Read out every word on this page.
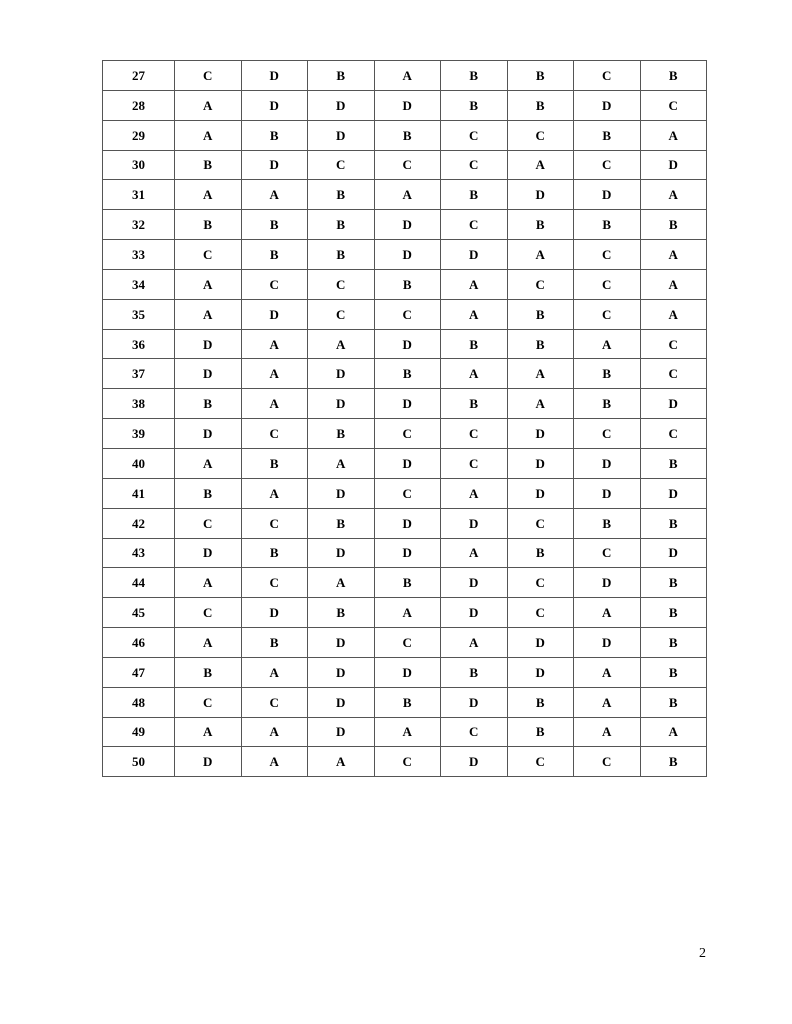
27	C	D	B	A	B	B	C	B
28	A	D	D	D	B	B	D	C
29	A	B	D	B	C	C	B	A
30	B	D	C	C	C	A	C	D
31	A	A	B	A	B	D	D	A
32	B	B	B	D	C	B	B	B
33	C	B	B	D	D	A	C	A
34	A	C	C	B	A	C	C	A
35	A	D	C	C	A	B	C	A
36	D	A	A	D	B	B	A	C
37	D	A	D	B	A	A	B	C
38	B	A	D	D	B	A	B	D
39	D	C	B	C	C	D	C	C
40	A	B	A	D	C	D	D	B
41	B	A	D	C	A	D	D	D
42	C	C	B	D	D	C	B	B
43	D	B	D	D	A	B	C	D
44	A	C	A	B	D	C	D	B
45	C	D	B	A	D	C	A	B
46	A	B	D	C	A	D	D	B
47	B	A	D	D	B	D	A	B
48	C	C	D	B	D	B	A	B
49	A	A	D	A	C	B	A	A
50	D	A	A	C	D	C	C	B
2
